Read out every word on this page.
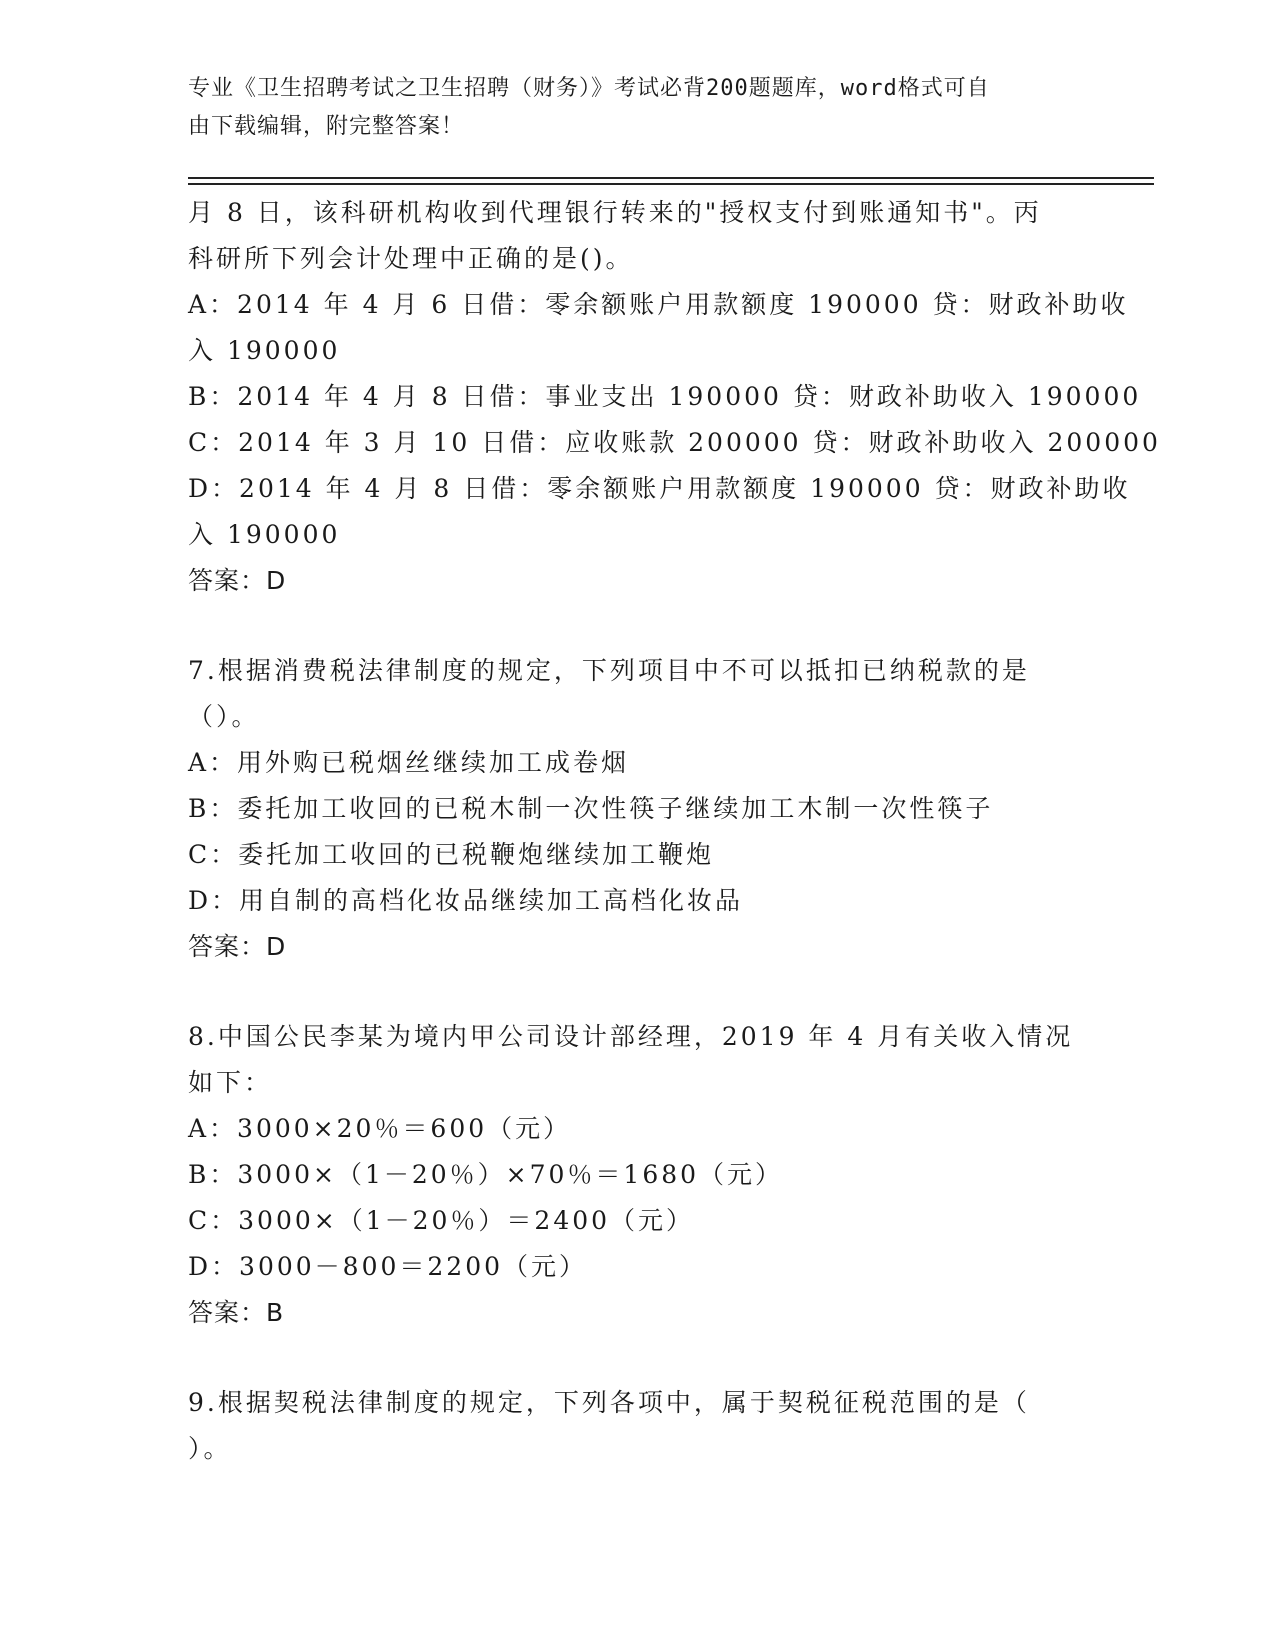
专业《卫生招聘考试之卫生招聘（财务）》考试必背200题题库，word格式可自
由下载编辑，附完整答案！
月 8 日，该科研机构收到代理银行转来的"授权支付到账通知书"。丙
科研所下列会计处理中正确的是()。
A：2014 年 4 月 6 日借：零余额账户用款额度 190000 贷：财政补助收
入 190000
B：2014 年 4 月 8 日借：事业支出 190000 贷：财政补助收入 190000
C：2014 年 3 月 10 日借：应收账款 200000 贷：财政补助收入 200000
D：2014 年 4 月 8 日借：零余额账户用款额度 190000 贷：财政补助收
入 190000
答案：D
7.根据消费税法律制度的规定，下列项目中不可以抵扣已纳税款的是
（）。
A：用外购已税烟丝继续加工成卷烟
B：委托加工收回的已税木制一次性筷子继续加工木制一次性筷子
C：委托加工收回的已税鞭炮继续加工鞭炮
D：用自制的高档化妆品继续加工高档化妆品
答案：D
8.中国公民李某为境内甲公司设计部经理，2019 年 4 月有关收入情况
如下：
A：3000×20％＝600（元）
B：3000×（1－20％）×70％＝1680（元）
C：3000×（1－20％）＝2400（元）
D：3000－800＝2200（元）
答案：B
9.根据契税法律制度的规定，下列各项中，属于契税征税范围的是（
）。
